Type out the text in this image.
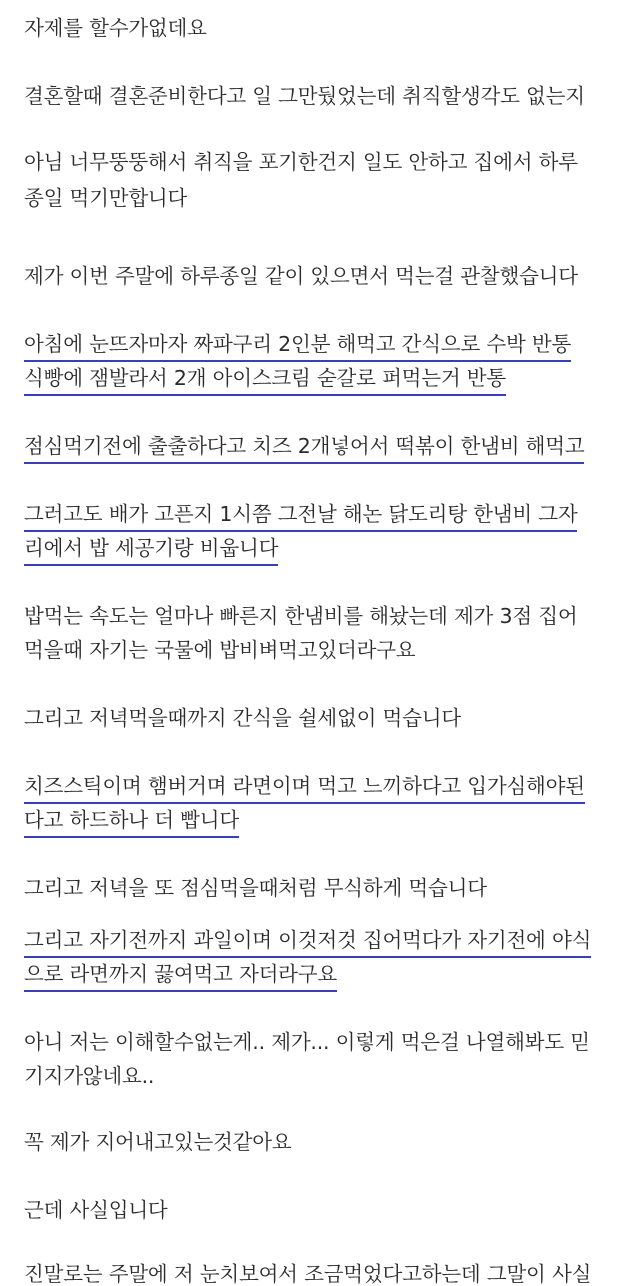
자제를 할수가없데요
결혼할때 결혼준비한다고 일 그만뒀었는데 취직할생각도 없는지
아님 너무뚱뚱해서 취직을 포기한건지 일도 안하고 집에서 하루
종일 먹기만합니다
제가 이번 주말에 하루종일 같이 있으면서 먹는걸 관찰했습니다
아침에 눈뜨자마자 짜파구리 2인분 해먹고 간식으로 수박 반통
식빵에 잼발라서 2개 아이스크림 숟갈로 퍼먹는거 반통
점심먹기전에 출출하다고 치즈 2개넣어서 떡볶이 한냄비 해먹고
그러고도 배가 고픈지 1시쯤 그전날 해논 닭도리탕 한냄비 그자
리에서 밥 세공기랑 비웁니다
밥먹는 속도는 얼마나 빠른지 한냄비를 해놨는데 제가 3점 집어
먹을때 자기는 국물에 밥비벼먹고있더라구요
그리고 저녁먹을때까지 간식을 쉴세없이 먹습니다
치즈스틱이며 햄버거며 라면이며 먹고 느끼하다고 입가심해야된
다고 하드하나 더 빱니다
그리고 저녁을 또 점심먹을때처럼 무식하게 먹습니다
그리고 자기전까지 과일이며 이것저것 집어먹다가 자기전에 야식
으로 라면까지 끓여먹고 자더라구요
아니 저는 이해할수없는게.. 제가... 이렇게 먹은걸 나열해봐도 믿
기지가않네요..
꼭 제가 지어내고있는것같아요
근데 사실입니다
진말로는 주말에 저 눈치보여서 조금먹었다고하는데 그말이 사실
